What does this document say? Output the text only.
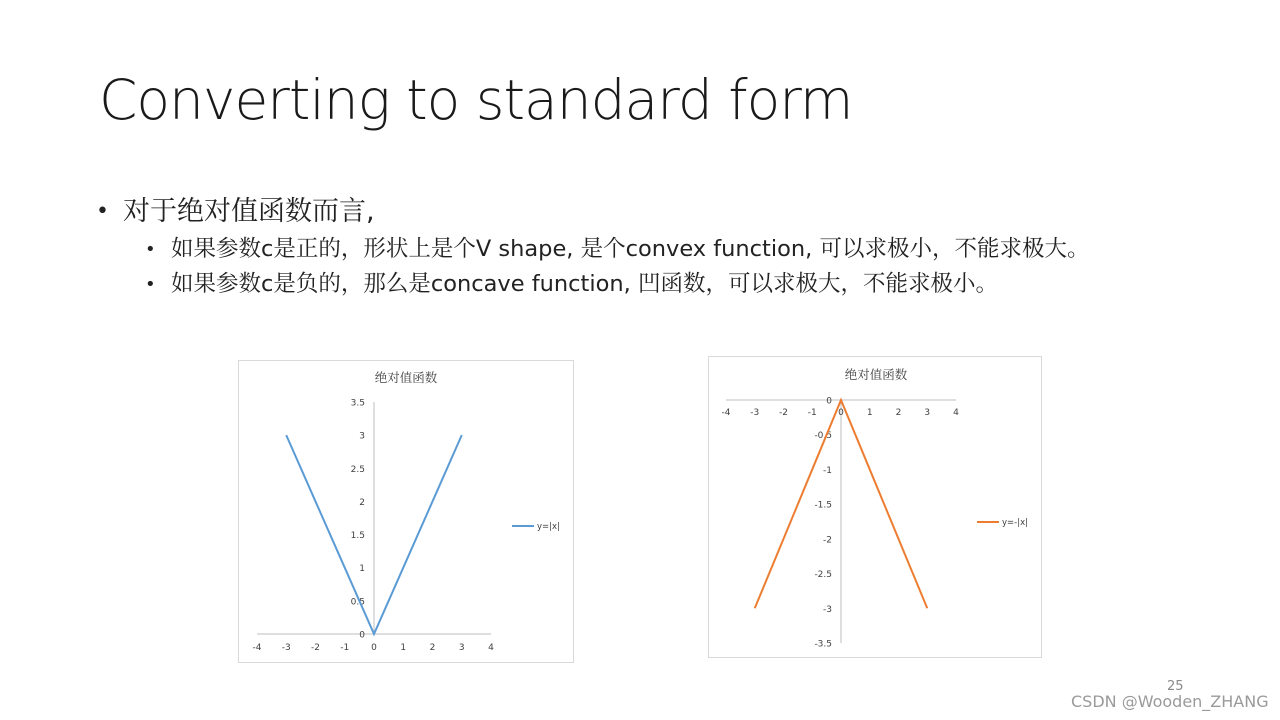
Converting to standard form
• 对于绝对值函数而言,
• 如果参数c是正的，形状上是个V shape, 是个convex function, 可以求极小，不能求极大。
• 如果参数c是负的，那么是concave function, 凹函数，可以求极大，不能求极小。
绝对值函数
-4 -3 -2 -1 0	1	2	3	4
0
0.5
1
1.5
2
2.5
3
3.5
y=|x|
绝对值函数
-4 -3 -2 -1 0	1	2	3	4
0
-0.5
-1
-1.5
-2
-2.5
-3
-3.5
y=-|x|
25
CSDN @Wooden_ZHANG
